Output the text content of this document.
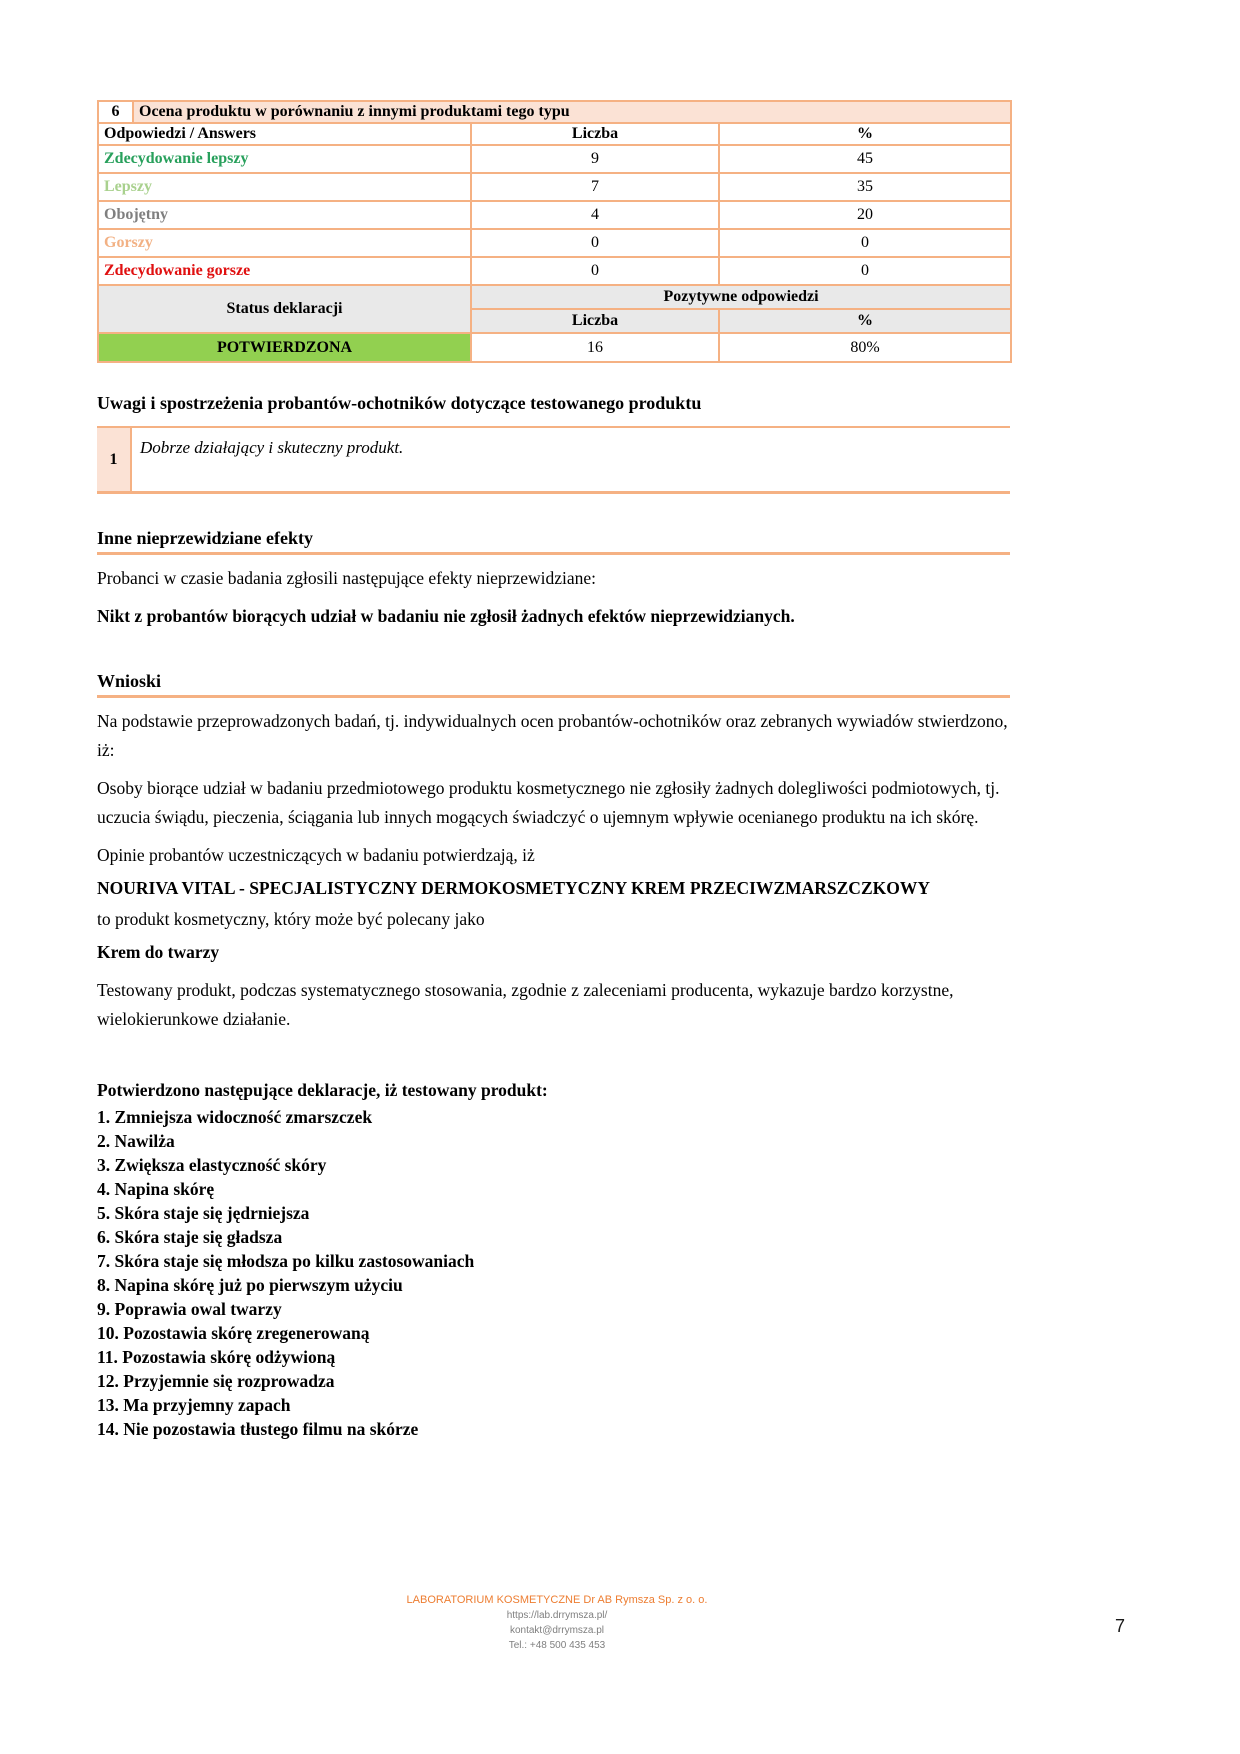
6	Ocena produktu w porównaniu z innymi produktami tego typu		
Odpowiedzi / Answers		Liczba	%
Zdecydowanie lepszy		9	45
Lepszy		7	35
Obojętny		4	20
Gorszy		0	0
Zdecydowanie gorsze		0	0
Status deklaracji		Pozytywne odpowiedzi	
		Liczba	%
POTWIERDZONA		16	80%
Uwagi i spostrzeżenia probantów-ochotników dotyczące testowanego produktu
1	Dobrze działający i skuteczny produkt.
Inne nieprzewidziane efekty

Probanci w czasie badania zgłosili następujące efekty nieprzewidziane:

Nikt z probantów biorących udział w badaniu nie zgłosił żadnych efektów nieprzewidzianych.

Wnioski

Na podstawie przeprowadzonych badań, tj. indywidualnych ocen probantów-ochotników oraz zebranych wywiadów stwierdzono, iż:

Osoby biorące udział w badaniu przedmiotowego produktu kosmetycznego nie zgłosiły żadnych dolegliwości podmiotowych, tj. uczucia świądu, pieczenia, ściągania lub innych mogących świadczyć o ujemnym wpływie ocenianego produktu na ich skórę.

Opinie probantów uczestniczących w badaniu potwierdzają, iż

NOURIVA VITAL - SPECJALISTYCZNY DERMOKOSMETYCZNY KREM PRZECIWZMARSZCZKOWY

to produkt kosmetyczny, który może być polecany jako

Krem do twarzy

Testowany produkt, podczas systematycznego stosowania, zgodnie z zaleceniami producenta, wykazuje bardzo korzystne, wielokierunkowe działanie.

Potwierdzono następujące deklaracje, iż testowany produkt:
1. Zmniejsza widoczność zmarszczek
2. Nawilża
3. Zwiększa elastyczność skóry
4. Napina skórę
5. Skóra staje się jędrniejsza
6. Skóra staje się gładsza
7. Skóra staje się młodsza po kilku zastosowaniach
8. Napina skórę już po pierwszym użyciu
9. Poprawia owal twarzy
10. Pozostawia skórę zregenerowaną
11. Pozostawia skórę odżywioną
12. Przyjemnie się rozprowadza
13. Ma przyjemny zapach
14. Nie pozostawia tłustego filmu na skórze
LABORATORIUM KOSMETYCZNE Dr AB Rymsza Sp. z o. o.
https://lab.drrymsza.pl/
kontakt@drrymsza.pl
Tel.: +48 500 435 453
7
